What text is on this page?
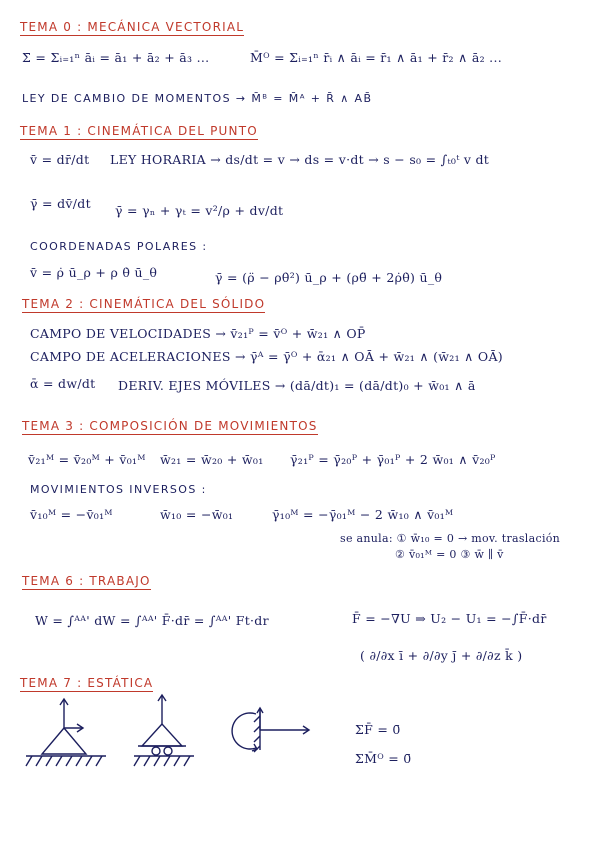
TEMA 0 : MECÁNICA VECTORIAL
Σ̄ = Σᵢ₌₁ⁿ āᵢ = ā₁ + ā₂ + ā₃ ...	M̄ᴼ = Σᵢ₌₁ⁿ r̄ᵢ ∧ āᵢ = r̄₁ ∧ ā₁ + r̄₂ ∧ ā₂ ...
LEY DE CAMBIO DE MOMENTOS → M̄ᴮ = M̄ᴬ + R̄ ∧ AB̄
TEMA 1 : CINEMÁTICA DEL PUNTO
v̄ = dr̄/dt LEY HORARIA → ds/dt = v → ds = v·dt → s − s₀ = ∫ₜ₀ᵗ v dt
γ̄ = dv̄/dt γ̄ = γₙ + γₜ = v²/ρ + dv/dt
COORDENADAS POLARES :
v̄ = ρ̇ ū_ρ + ρ θ̇ ū_θ	γ̄ = (ρ̈ − ρθ̇²) ū_ρ + (ρθ̈ + 2ρ̇θ̇) ū_θ
TEMA 2 : CINEMÁTICA DEL SÓLIDO
CAMPO DE VELOCIDADES → v̄₂₁ᴾ = v̄ᴼ + w̄₂₁ ∧ OP̄
CAMPO DE ACELERACIONES → γ̄ᴬ = γ̄ᴼ + ᾱ₂₁ ∧ OĀ + w̄₂₁ ∧ (w̄₂₁ ∧ OĀ)
ᾱ = dw/dt DERIV. EJES MÓVILES → (dā/dt)₁ = (dā/dt)₀ + w̄₀₁ ∧ ā
TEMA 3 : COMPOSICIÓN DE MOVIMIENTOS
v̄₂₁ᴹ = v̄₂₀ᴹ + v̄₀₁ᴹ w̄₂₁ = w̄₂₀ + w̄₀₁ γ̄₂₁ᴾ = γ̄₂₀ᴾ + γ̄₀₁ᴾ + 2 w̄₀₁ ∧ v̄₂₀ᴾ
MOVIMIENTOS INVERSOS :
v̄₁₀ᴹ = −v̄₀₁ᴹ	w̄₁₀ = −w̄₀₁	γ̄₁₀ᴹ = −γ̄₀₁ᴹ − 2 w̄₁₀ ∧ v̄₀₁ᴹ
se anula: ① w̄₁₀ = 0 → mov. traslación
② v̄₀₁ᴹ = 0 ③ w̄ ∥ v̄
TEMA 6 : TRABAJO
W = ∫ᴬᴬ' dW = ∫ᴬᴬ' F̄·dr̄ = ∫ᴬᴬ' Ft·dr	F̄ = −∇̄U ⇒ U₂ − U₁ = −∫F̄·dr̄
( ∂/∂x ī + ∂/∂y j̄ + ∂/∂z k̄ )
TEMA 7 : ESTÁTICA
ΣF̄ = 0̄
ΣM̄ᴼ = 0̄
